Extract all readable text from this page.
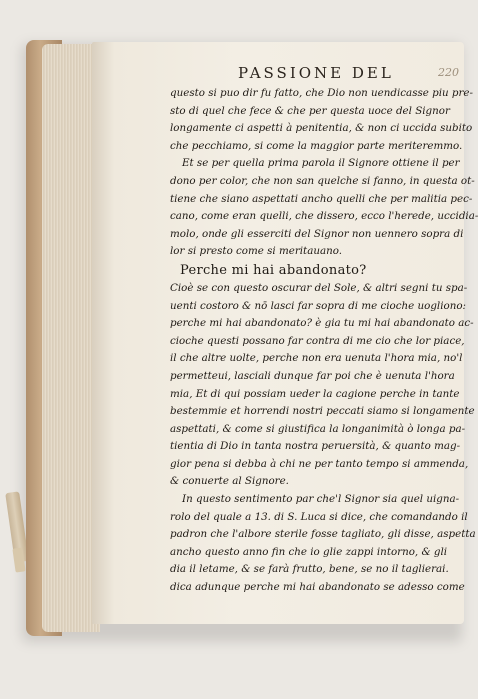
220
PASSIONE DEL
questo si puo dir fu fatto, che Dio non uendicasse piu pre-
sto di quel che fece & che per questa uoce del Signor
longamente ci aspetti à penitentia, & non ci uccida subito
che pecchiamo, si come la maggior parte meriteremmo.
Et se per quella prima parola il Signore ottiene il per
dono per color, che non san quelche si fanno, in questa ot-
tiene che siano aspettati ancho quelli che per malitia pec-
cano, come eran quelli, che dissero, ecco l'herede, uccidia-
molo, onde gli esserciti del Signor non uennero sopra di
lor si presto come si meritauano.
Perche mi hai abandonato?
Cioè se con questo oscurar del Sole, & altri segni tu spa-
uenti costoro & nō lasci far sopra di me cioche uogliono:
perche mi hai abandonato? è gia tu mi hai abandonato ac-
cioche questi possano far contra di me cio che lor piace,
il che altre uolte, perche non era uenuta l'hora mia, no'l
permetteui, lasciali dunque far poi che è uenuta l'hora
mia, Et di qui possiam ueder la cagione perche in tante
bestemmie et horrendi nostri peccati siamo si longamente
aspettati, & come si giustifica la longanimità ò longa pa-
tientia di Dio in tanta nostra peruersità, & quanto mag-
gior pena si debba à chi ne per tanto tempo si ammenda,
& conuerte al Signore.
In questo sentimento par che'l Signor sia quel uigna-
rolo del quale a 13. di S. Luca si dice, che comandando il
padron che l'albore sterile fosse tagliato, gli disse, aspetta
ancho questo anno fin che io glie zappi intorno, & gli
dia il letame, & se farà frutto, bene, se no il taglierai.
dica adunque perche mi hai abandonato se adesso come
